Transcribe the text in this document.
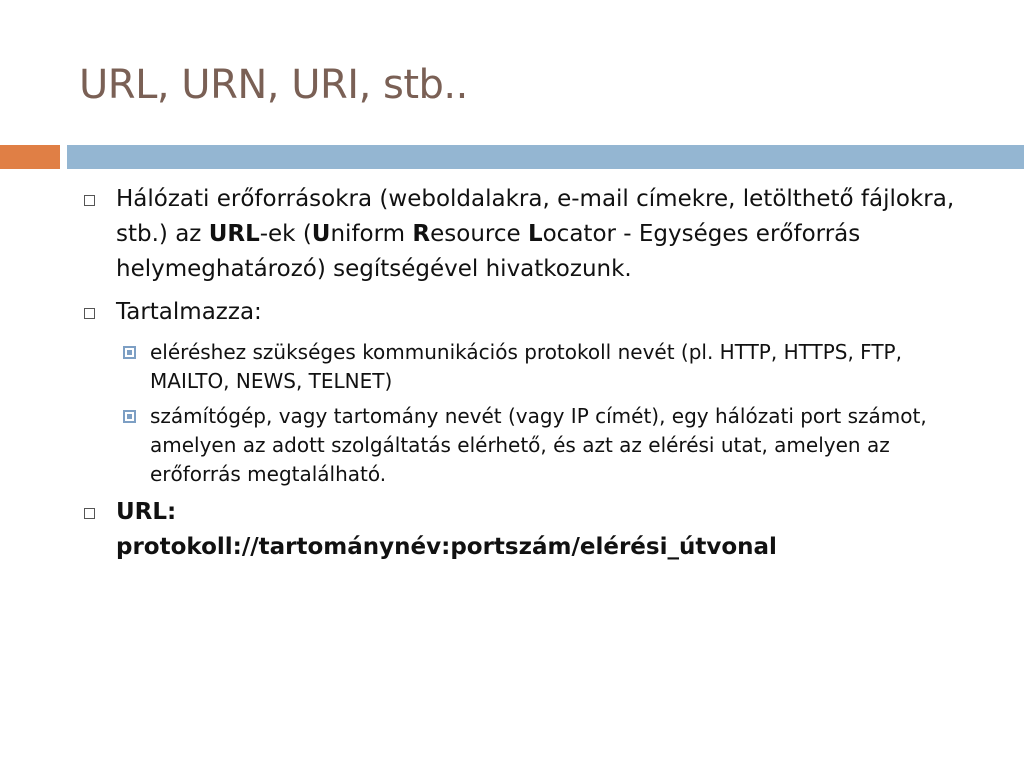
URL, URN, URI, stb..
Hálózati erőforrásokra (weboldalakra, e-mail címekre, letölthető fájlokra, stb.) az URL-ek (Uniform Resource Locator - Egységes erőforrás helymeghatározó) segítségével hivatkozunk.
Tartalmazza:
eléréshez szükséges kommunikációs protokoll nevét (pl. HTTP, HTTPS, FTP, MAILTO, NEWS, TELNET)
számítógép, vagy tartomány nevét (vagy IP címét), egy hálózati port számot, amelyen az adott szolgáltatás elérhető, és azt az elérési utat, amelyen az erőforrás megtalálható.
URL:
protokoll://tartománynév:portszám/elérési_útvonal
